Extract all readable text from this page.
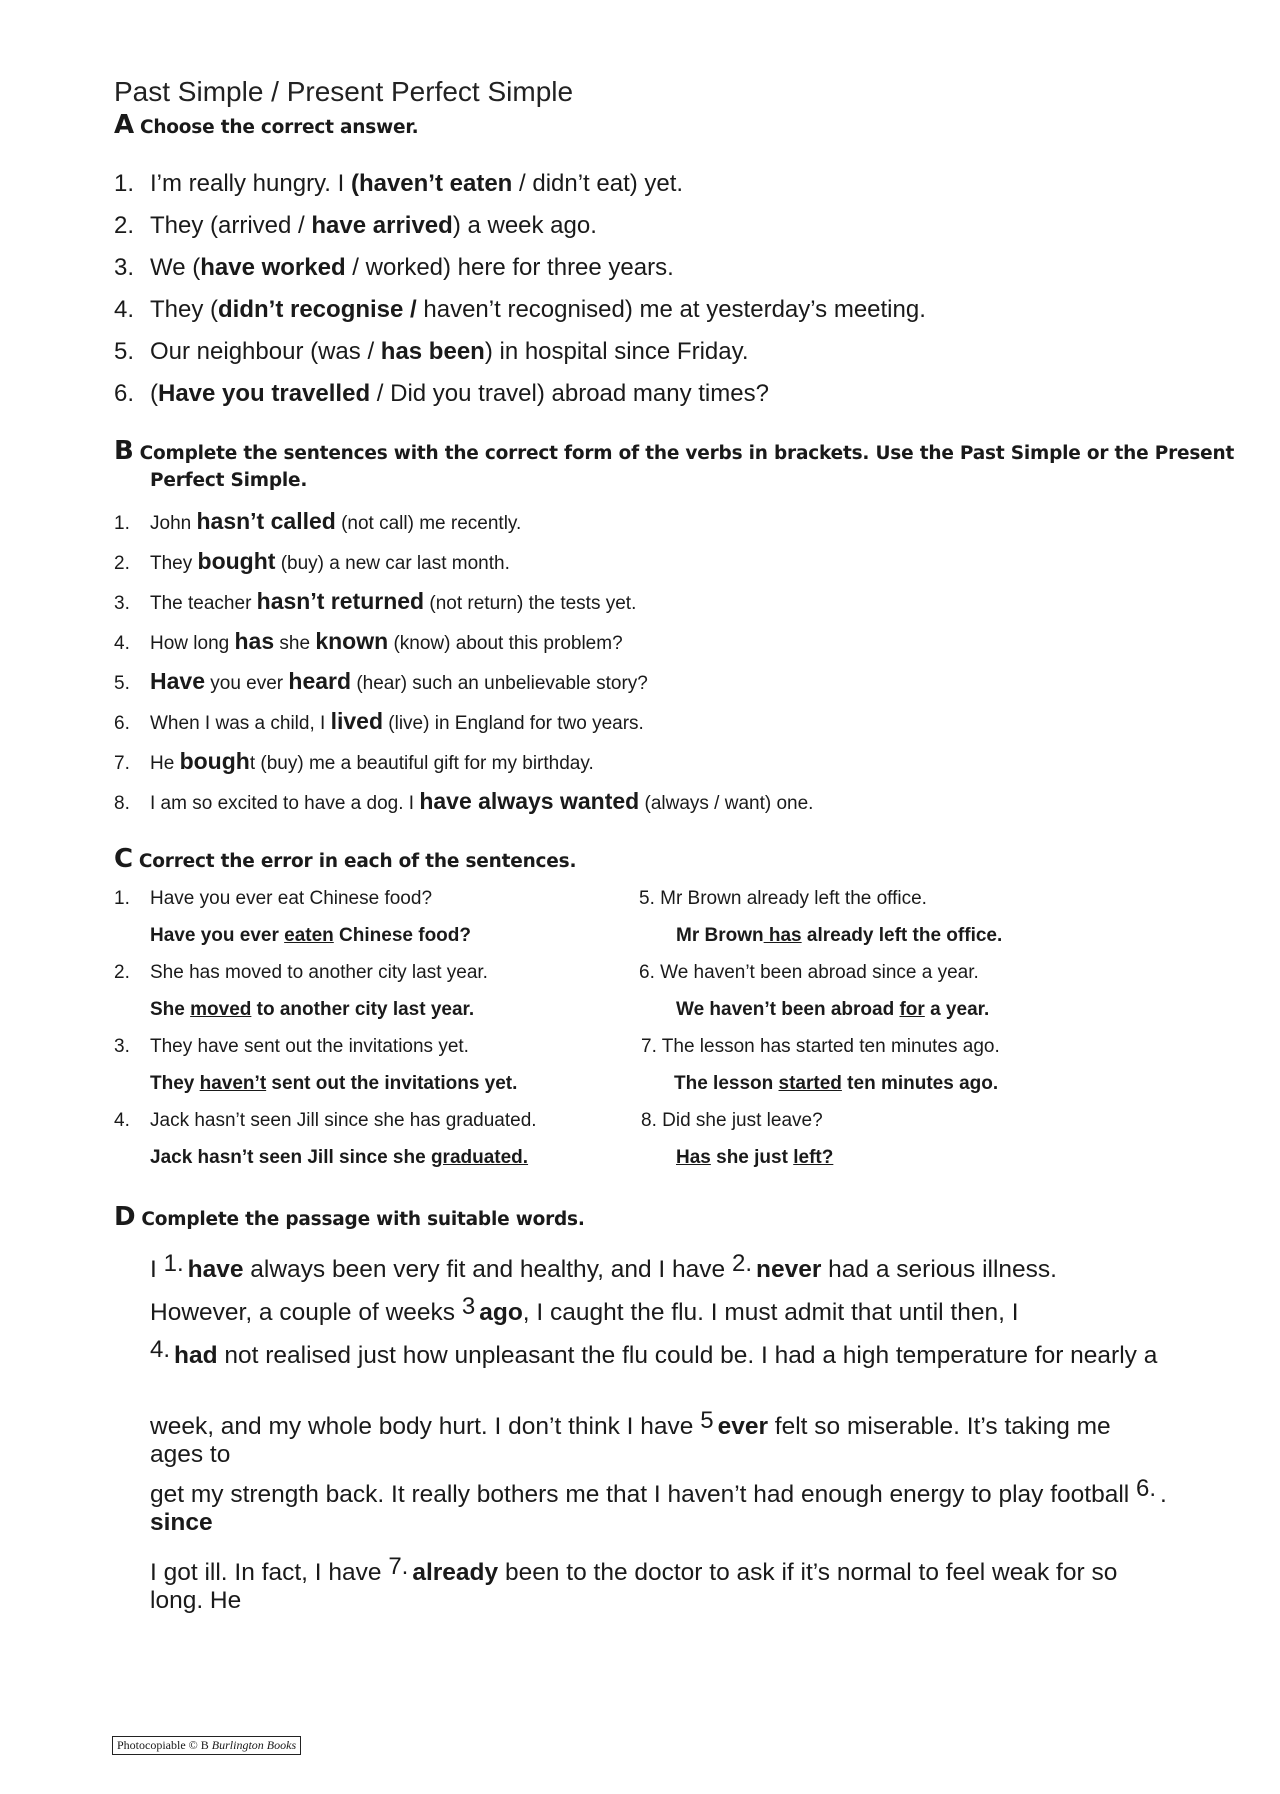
Past Simple / Present Perfect Simple
A Choose the correct answer.
1. I’m really hungry. I (haven’t eaten / didn’t eat) yet.
2. They (arrived / have arrived) a week ago.
3. We (have worked / worked) here for three years.
4. They (didn’t recognise / haven’t recognised) me at yesterday’s meeting.
5. Our neighbour (was / has been) in hospital since Friday.
6. (Have you travelled / Did you travel) abroad many times?
B Complete the sentences with the correct form of the verbs in brackets. Use the Past Simple or the Present
Perfect Simple.
1. John hasn’t called (not call) me recently.
2. They bought (buy) a new car last month.
3. The teacher hasn’t returned (not return) the tests yet.
4. How long has she known (know) about this problem?
5. Have you ever heard (hear) such an unbelievable story?
6. When I was a child, I lived (live) in England for two years.
7. He bought (buy) me a beautiful gift for my birthday.
8. I am so excited to have a dog. I have always wanted (always / want) one.
C Correct the error in each of the sentences.
1. Have you ever eat Chinese food?
Have you ever eaten Chinese food?
2. She has moved to another city last year.
She moved to another city last year.
3. They have sent out the invitations yet.
They haven’t sent out the invitations yet.
4. Jack hasn’t seen Jill since she has graduated.
Jack hasn’t seen Jill since she graduated.
5. Mr Brown already left the office.
Mr Brown has already left the office.
6. We haven’t been abroad since a year.
We haven’t been abroad for a year.
7. The lesson has started ten minutes ago.
The lesson started ten minutes ago.
8. Did she just leave?
Has she just left?
D Complete the passage with suitable words.
I 1. have always been very fit and healthy, and I have 2. never had a serious illness.
However, a couple of weeks 3 ago, I caught the flu. I must admit that until then, I
4. had not realised just how unpleasant the flu could be. I had a high temperature for nearly a
week, and my whole body hurt. I don’t think I have 5 ever felt so miserable. It’s taking me ages to
get my strength back. It really bothers me that I haven’t had enough energy to play football 6. . since
I got ill. In fact, I have 7. already been to the doctor to ask if it’s normal to feel weak for so long. He
Photocopiable © B Burlington Books
